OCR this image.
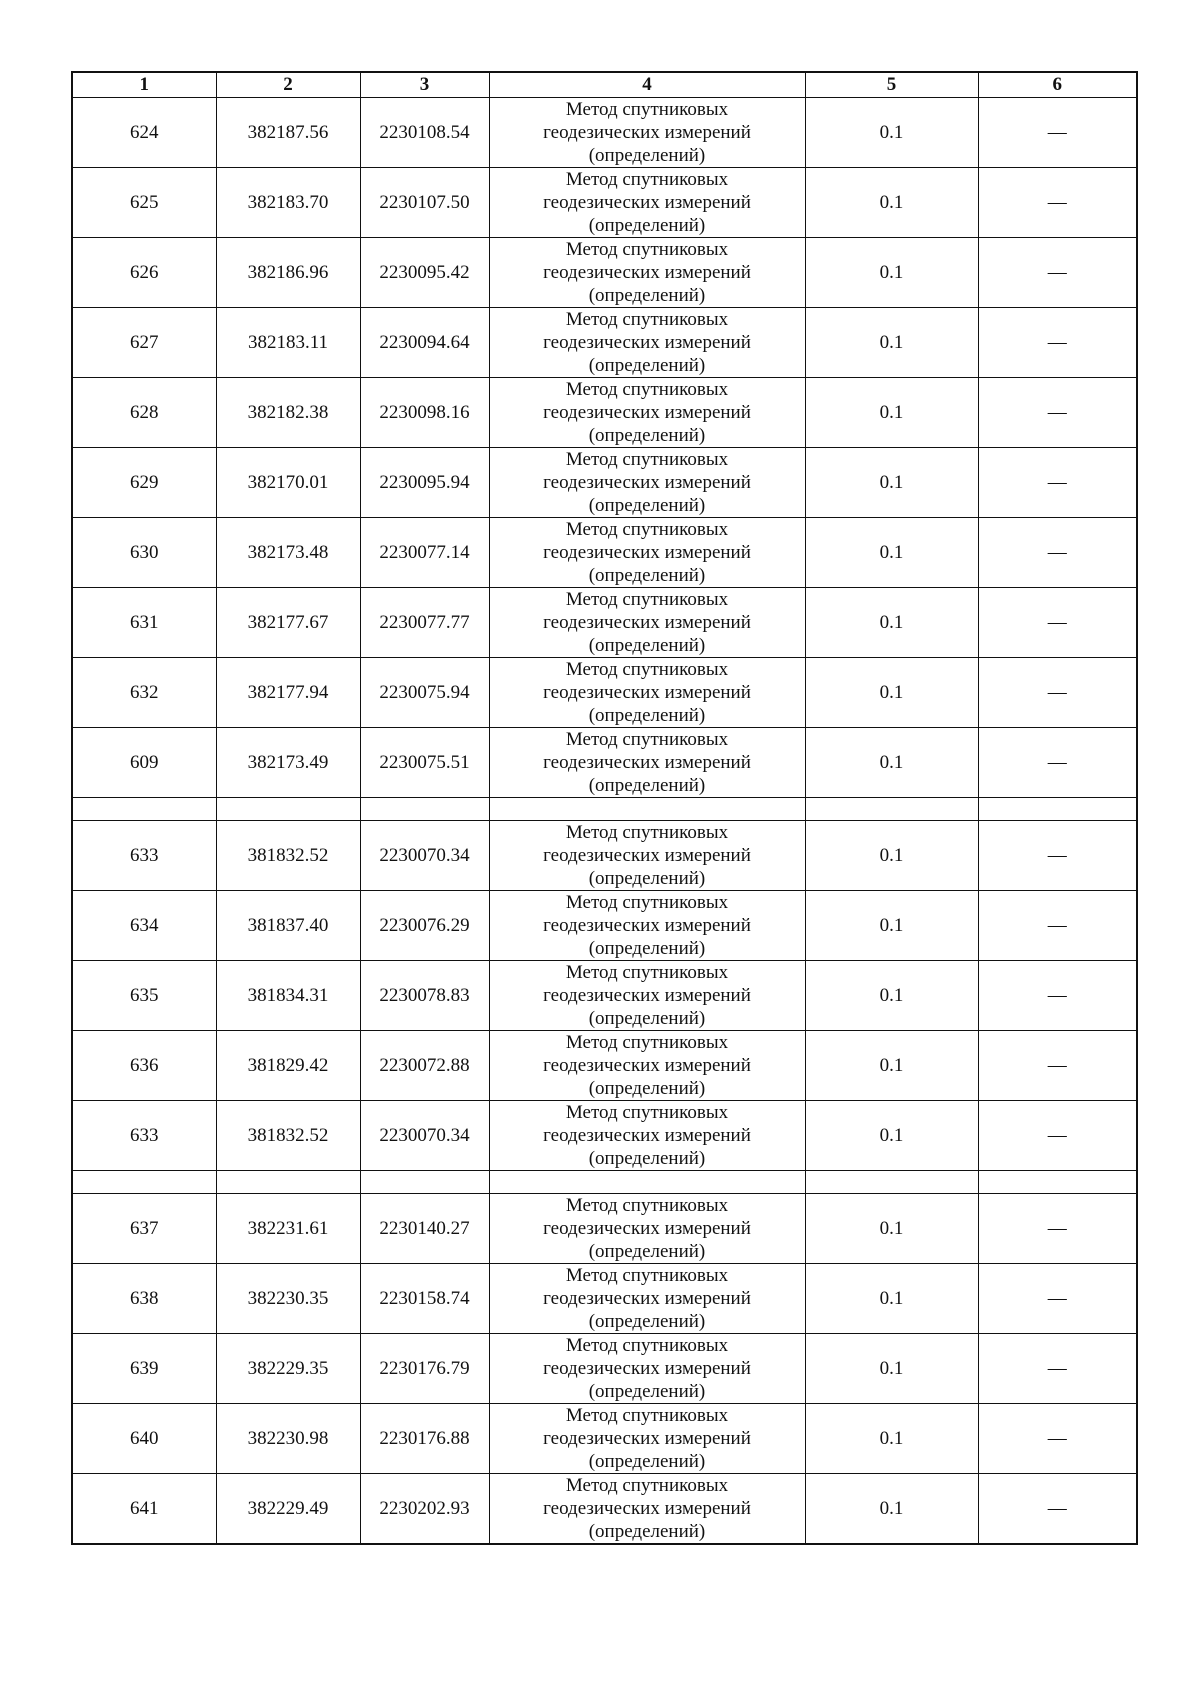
1	2	3	4	5	6
624	382187.56	2230108.54	Метод спутниковых
геодезических измерений
(определений)	0.1	—
625	382183.70	2230107.50	Метод спутниковых
геодезических измерений
(определений)	0.1	—
626	382186.96	2230095.42	Метод спутниковых
геодезических измерений
(определений)	0.1	—
627	382183.11	2230094.64	Метод спутниковых
геодезических измерений
(определений)	0.1	—
628	382182.38	2230098.16	Метод спутниковых
геодезических измерений
(определений)	0.1	—
629	382170.01	2230095.94	Метод спутниковых
геодезических измерений
(определений)	0.1	—
630	382173.48	2230077.14	Метод спутниковых
геодезических измерений
(определений)	0.1	—
631	382177.67	2230077.77	Метод спутниковых
геодезических измерений
(определений)	0.1	—
632	382177.94	2230075.94	Метод спутниковых
геодезических измерений
(определений)	0.1	—
609	382173.49	2230075.51	Метод спутниковых
геодезических измерений
(определений)	0.1	—

633	381832.52	2230070.34	Метод спутниковых
геодезических измерений
(определений)	0.1	—
634	381837.40	2230076.29	Метод спутниковых
геодезических измерений
(определений)	0.1	—
635	381834.31	2230078.83	Метод спутниковых
геодезических измерений
(определений)	0.1	—
636	381829.42	2230072.88	Метод спутниковых
геодезических измерений
(определений)	0.1	—
633	381832.52	2230070.34	Метод спутниковых
геодезических измерений
(определений)	0.1	—

637	382231.61	2230140.27	Метод спутниковых
геодезических измерений
(определений)	0.1	—
638	382230.35	2230158.74	Метод спутниковых
геодезических измерений
(определений)	0.1	—
639	382229.35	2230176.79	Метод спутниковых
геодезических измерений
(определений)	0.1	—
640	382230.98	2230176.88	Метод спутниковых
геодезических измерений
(определений)	0.1	—
641	382229.49	2230202.93	Метод спутниковых
геодезических измерений
(определений)	0.1	—
